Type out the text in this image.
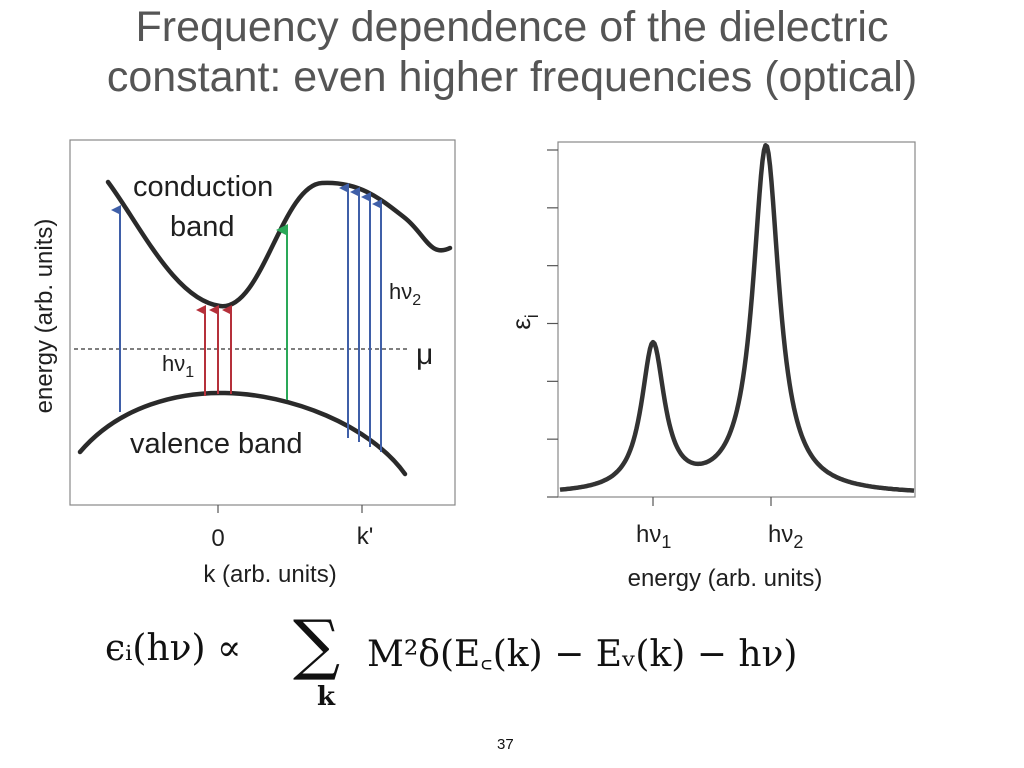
Frequency dependence of the dielectric
constant: even higher frequencies (optical)
energy (arb. units)
conduction
band
valence band
$h\nu_1$
$h\nu_2$
μ
0	k'
k (arb. units)
$\varepsilon_i$
$h\nu_1$	$h\nu_2$
energy (arb. units)
ϵᵢ(hν) ∝ ∑
k
M²δ(E꜀(k) − Eᵥ(k) − hν)
37
